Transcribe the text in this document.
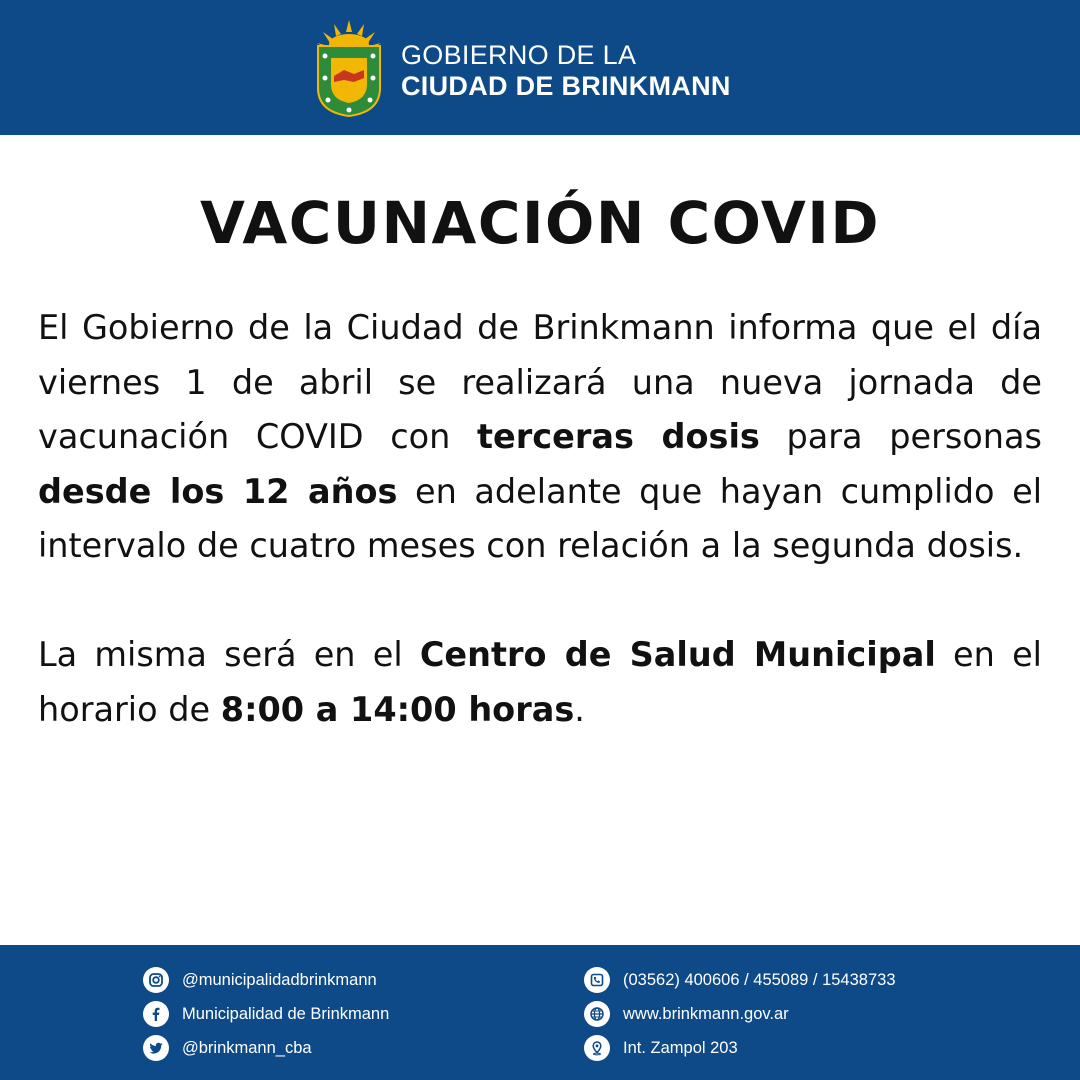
GOBIERNO DE LA
CIUDAD DE BRINKMANN
VACUNACIÓN COVID

El Gobierno de la Ciudad de Brinkmann informa que el día viernes 1 de abril se realizará una nueva jornada de vacunación COVID con terceras dosis para personas desde los 12 años en adelante que hayan cumplido el intervalo de cuatro meses con relación a la segunda dosis.

La misma será en el Centro de Salud Municipal en el horario de 8:00 a 14:00 horas.

@municipalidadbrinkmann
Municipalidad de Brinkmann
@brinkmann_cba
(03562) 400606 / 455089 / 15438733
www.brinkmann.gov.ar
Int. Zampol 203
